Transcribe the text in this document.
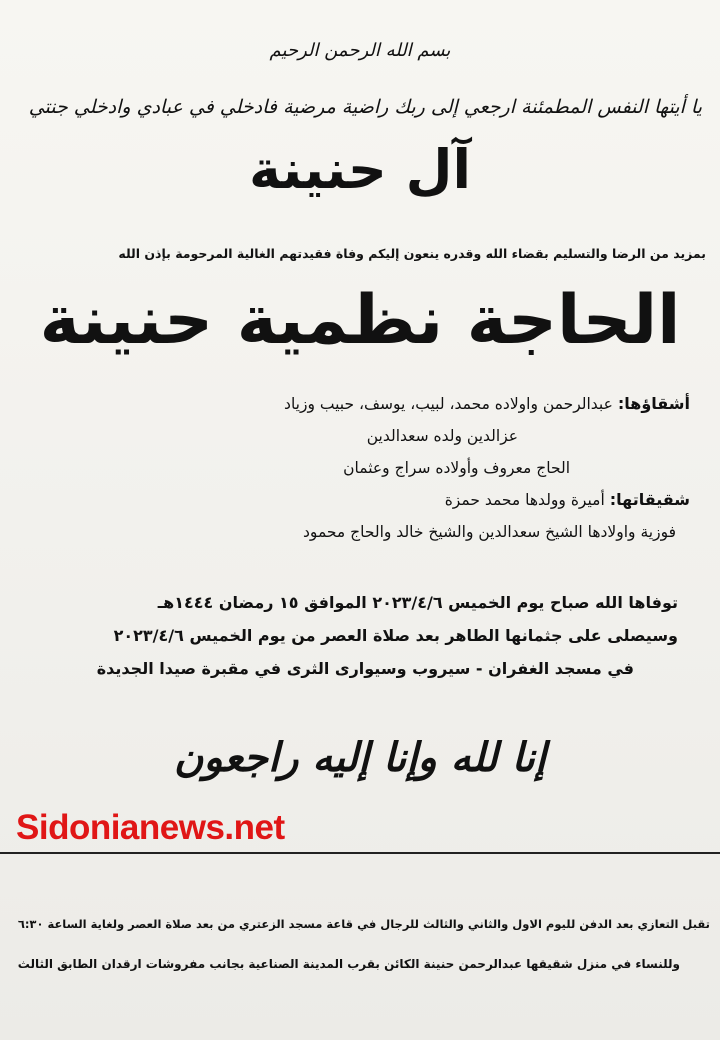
بسم الله الرحمن الرحيم
يا أيتها النفس المطمئنة ارجعي إلى ربك راضية مرضية فادخلي في عبادي وادخلي جنتي
آل حنينة
بمزيد من الرضا والتسليم بقضاء الله وقدره ينعون إليكم وفاة فقيدتهم الغالية المرحومة بإذن الله
الحاجة نظمية حنينة
أشقاؤها: عبدالرحمن واولاده محمد، لبيب، يوسف، حبيب وزياد
عزالدين ولده سعدالدين
الحاج معروف وأولاده سراج وعثمان
شقيقاتها: أميرة وولدها محمد حمزة
فوزية واولادها الشيخ سعدالدين والشيخ خالد والحاج محمود
توفاها الله صباح يوم الخميس ٢٠٢٣/٤/٦ الموافق ١٥ رمضان ١٤٤٤هـ
وسيصلى على جثمانها الطاهر بعد صلاة العصر من يوم الخميس ٢٠٢٣/٤/٦
في مسجد الغفران - سيروب وسيوارى الثرى في مقبرة صيدا الجديدة
إنا لله وإنا إليه راجعون
Sidonianews.net
تقبل التعازي بعد الدفن لليوم الاول والثاني والثالث للرجال في قاعة مسجد الزعتري من بعد صلاة العصر ولغاية الساعة ٦:٣٠
وللنساء في منزل شقيقها عبدالرحمن حنينة الكائن بقرب المدينة الصناعية بجانب مفروشات ارقدان الطابق الثالث
